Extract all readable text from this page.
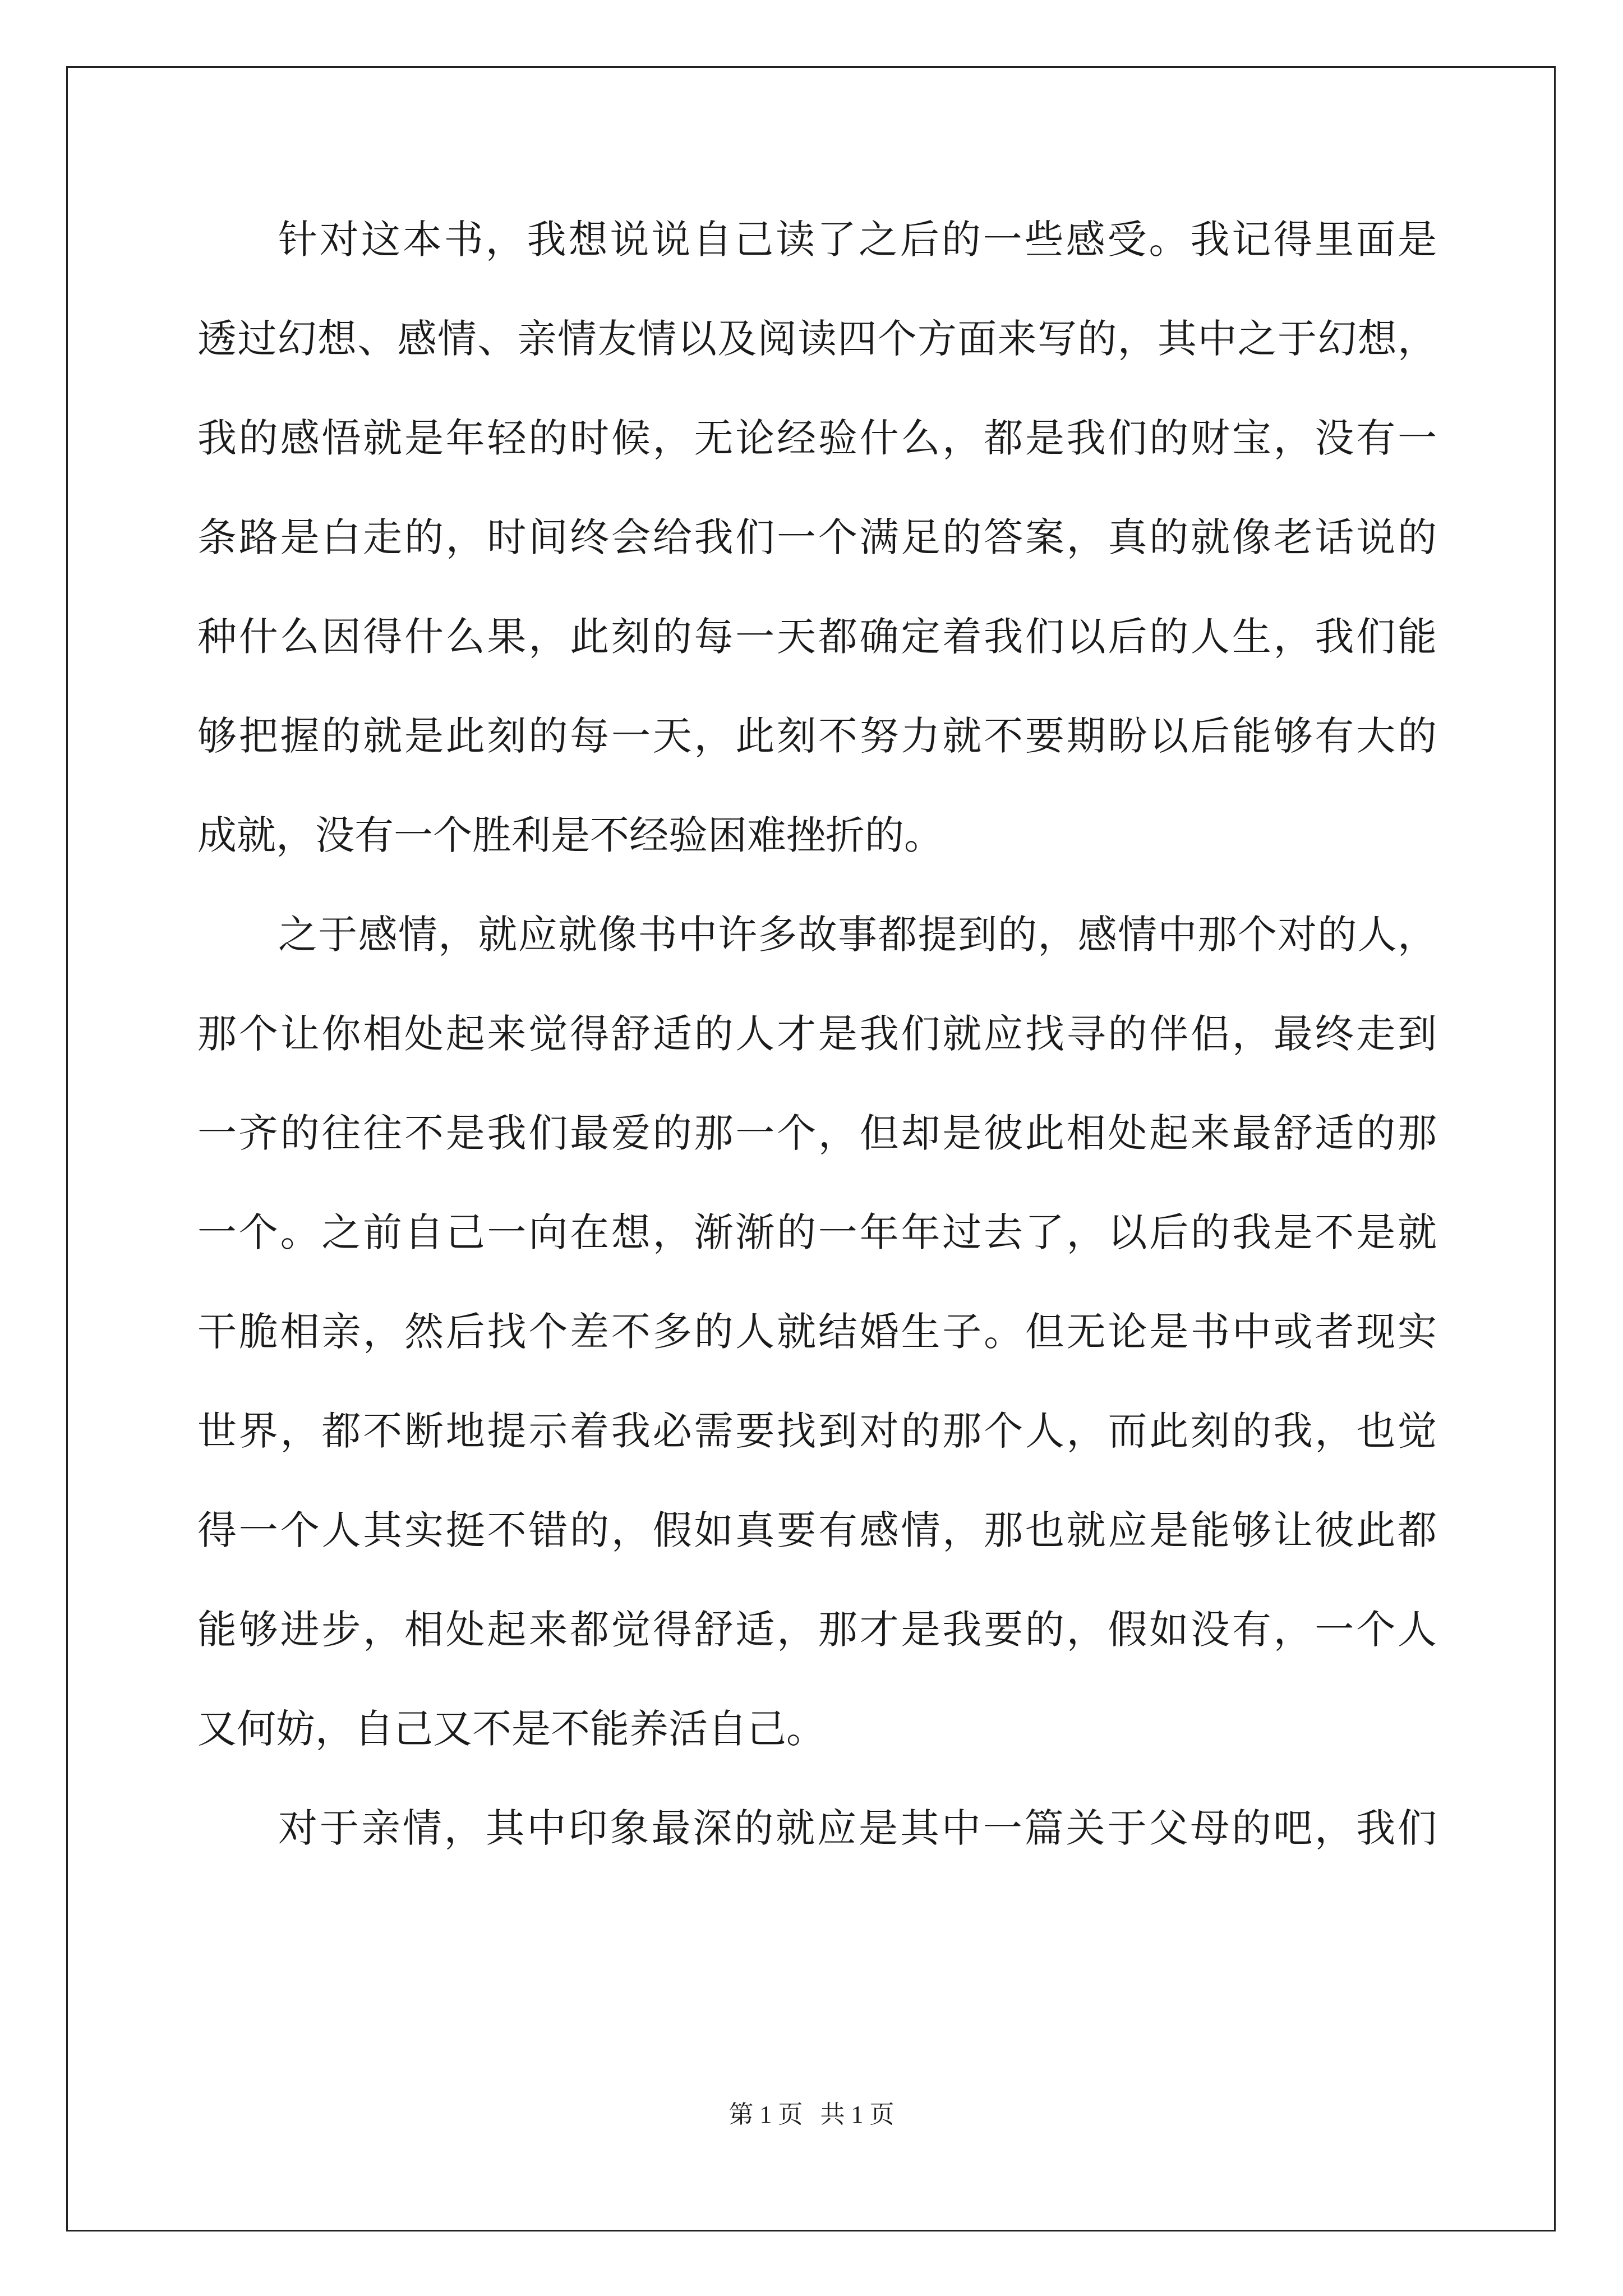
针对这本书，我想说说自己读了之后的一些感受。我记得里面是
透过幻想、感情、亲情友情以及阅读四个方面来写的，其中之于幻想，
我的感悟就是年轻的时候，无论经验什么，都是我们的财宝，没有一
条路是白走的，时间终会给我们一个满足的答案，真的就像老话说的
种什么因得什么果，此刻的每一天都确定着我们以后的人生，我们能
够把握的就是此刻的每一天，此刻不努力就不要期盼以后能够有大的
成就，没有一个胜利是不经验困难挫折的。
之于感情，就应就像书中许多故事都提到的，感情中那个对的人，
那个让你相处起来觉得舒适的人才是我们就应找寻的伴侣，最终走到
一齐的往往不是我们最爱的那一个，但却是彼此相处起来最舒适的那
一个。之前自己一向在想，渐渐的一年年过去了，以后的我是不是就
干脆相亲，然后找个差不多的人就结婚生子。但无论是书中或者现实
世界，都不断地提示着我必需要找到对的那个人，而此刻的我，也觉
得一个人其实挺不错的，假如真要有感情，那也就应是能够让彼此都
能够进步，相处起来都觉得舒适，那才是我要的，假如没有，一个人
又何妨，自己又不是不能养活自己。
对于亲情，其中印象最深的就应是其中一篇关于父母的吧，我们
第 1 页 共 1 页
